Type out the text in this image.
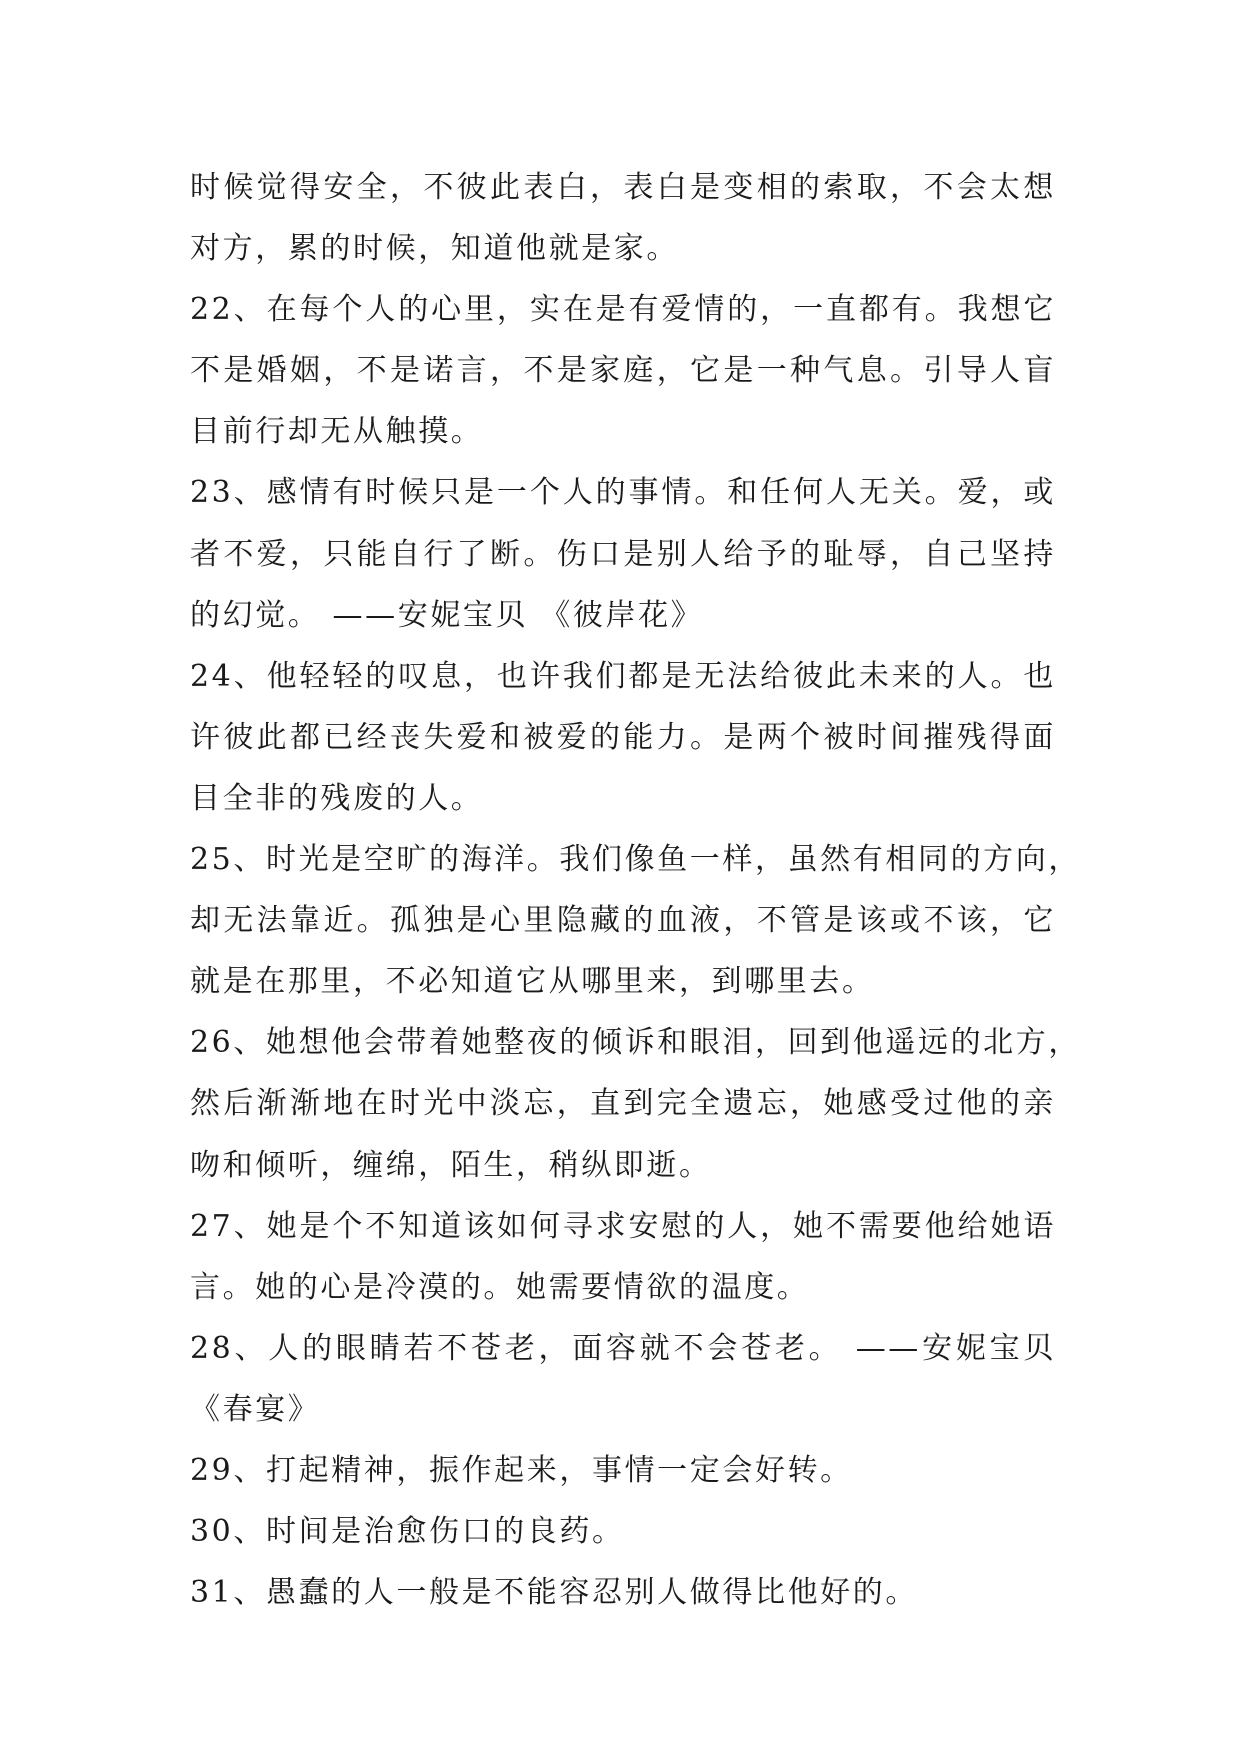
时候觉得安全，不彼此表白，表白是变相的索取，不会太想
对方，累的时候，知道他就是家。
22、在每个人的心里，实在是有爱情的，一直都有。我想它
不是婚姻，不是诺言，不是家庭，它是一种气息。引导人盲
目前行却无从触摸。
23、感情有时候只是一个人的事情。和任何人无关。爱，或
者不爱，只能自行了断。伤口是别人给予的耻辱，自己坚持
的幻觉。 ——安妮宝贝 《彼岸花》
24、他轻轻的叹息，也许我们都是无法给彼此未来的人。也
许彼此都已经丧失爱和被爱的能力。是两个被时间摧残得面
目全非的残废的人。
25、时光是空旷的海洋。我们像鱼一样，虽然有相同的方向，
却无法靠近。孤独是心里隐藏的血液，不管是该或不该，它
就是在那里，不必知道它从哪里来，到哪里去。
26、她想他会带着她整夜的倾诉和眼泪，回到他遥远的北方，
然后渐渐地在时光中淡忘，直到完全遗忘，她感受过他的亲
吻和倾听，缠绵，陌生，稍纵即逝。
27、她是个不知道该如何寻求安慰的人，她不需要他给她语
言。她的心是冷漠的。她需要情欲的温度。
28、人的眼睛若不苍老，面容就不会苍老。 ——安妮宝贝
《春宴》
29、打起精神，振作起来，事情一定会好转。
30、时间是治愈伤口的良药。
31、愚蠢的人一般是不能容忍别人做得比他好的。
